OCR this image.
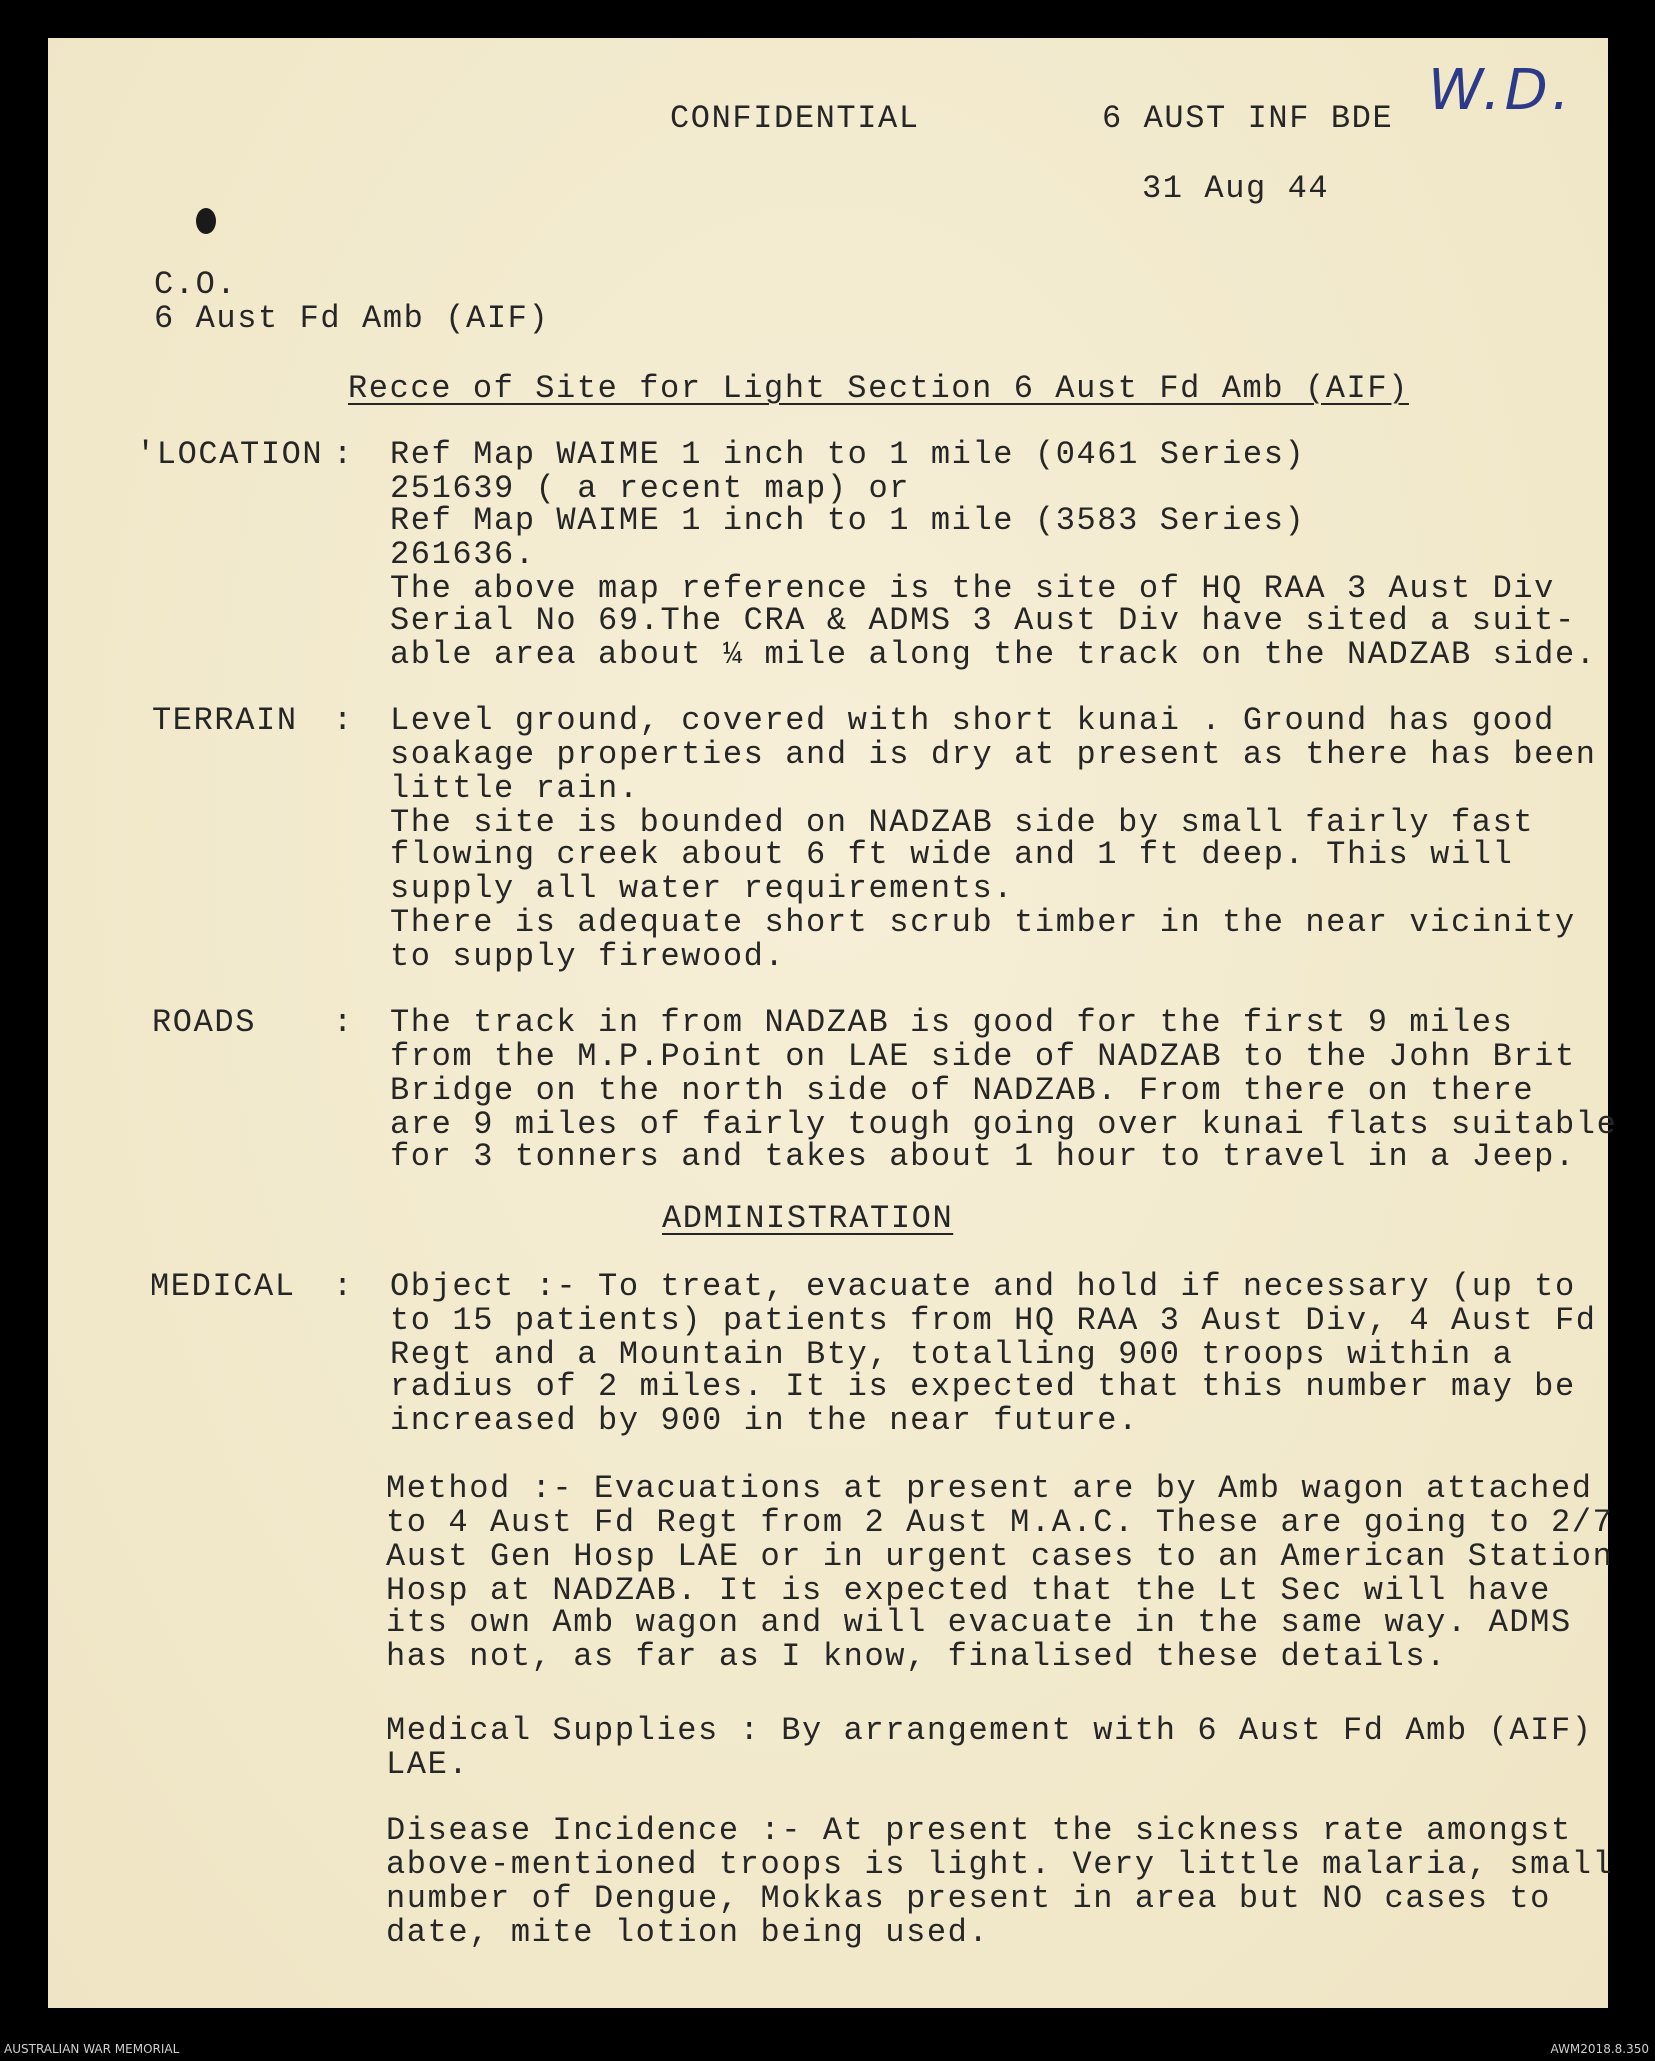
CONFIDENTIAL	6 AUST INF BDE
31 Aug 44
W.D.
C.O.
6 Aust Fd Amb (AIF)
Recce of Site for Light Section 6 Aust Fd Amb (AIF)
'LOCATION : Ref Map WAIME 1 inch to 1 mile (0461 Series)
251639 ( a recent map) or
Ref Map WAIME 1 inch to 1 mile (3583 Series)
261636.
The above map reference is the site of HQ RAA 3 Aust Div
Serial No 69.The CRA & ADMS 3 Aust Div have sited a suit-
able area about ¼ mile along the track on the NADZAB side.
TERRAIN : Level ground, covered with short kunai . Ground has good
soakage properties and is dry at present as there has been
little rain.
The site is bounded on NADZAB side by small fairly fast
flowing creek about 6 ft wide and 1 ft deep. This will
supply all water requirements.
There is adequate short scrub timber in the near vicinity
to supply firewood.
ROADS : The track in from NADZAB is good for the first 9 miles
from the M.P.Point on LAE side of NADZAB to the John Brit
Bridge on the north side of NADZAB. From there on there
are 9 miles of fairly tough going over kunai flats suitable
for 3 tonners and takes about 1 hour to travel in a Jeep.
ADMINISTRATION
MEDICAL : Object :- To treat, evacuate and hold if necessary (up to
to 15 patients) patients from HQ RAA 3 Aust Div, 4 Aust Fd
Regt and a Mountain Bty, totalling 900 troops within a
radius of 2 miles. It is expected that this number may be
increased by 900 in the near future.
Method :- Evacuations at present are by Amb wagon attached
to 4 Aust Fd Regt from 2 Aust M.A.C. These are going to 2/7
Aust Gen Hosp LAE or in urgent cases to an American Station
Hosp at NADZAB. It is expected that the Lt Sec will have
its own Amb wagon and will evacuate in the same way. ADMS
has not, as far as I know, finalised these details.
Medical Supplies : By arrangement with 6 Aust Fd Amb (AIF)
LAE.
Disease Incidence :- At present the sickness rate amongst
above-mentioned troops is light. Very little malaria, small
number of Dengue, Mokkas present in area but NO cases to
date, mite lotion being used.
AUSTRALIAN WAR MEMORIAL	AWM2018.8.350
